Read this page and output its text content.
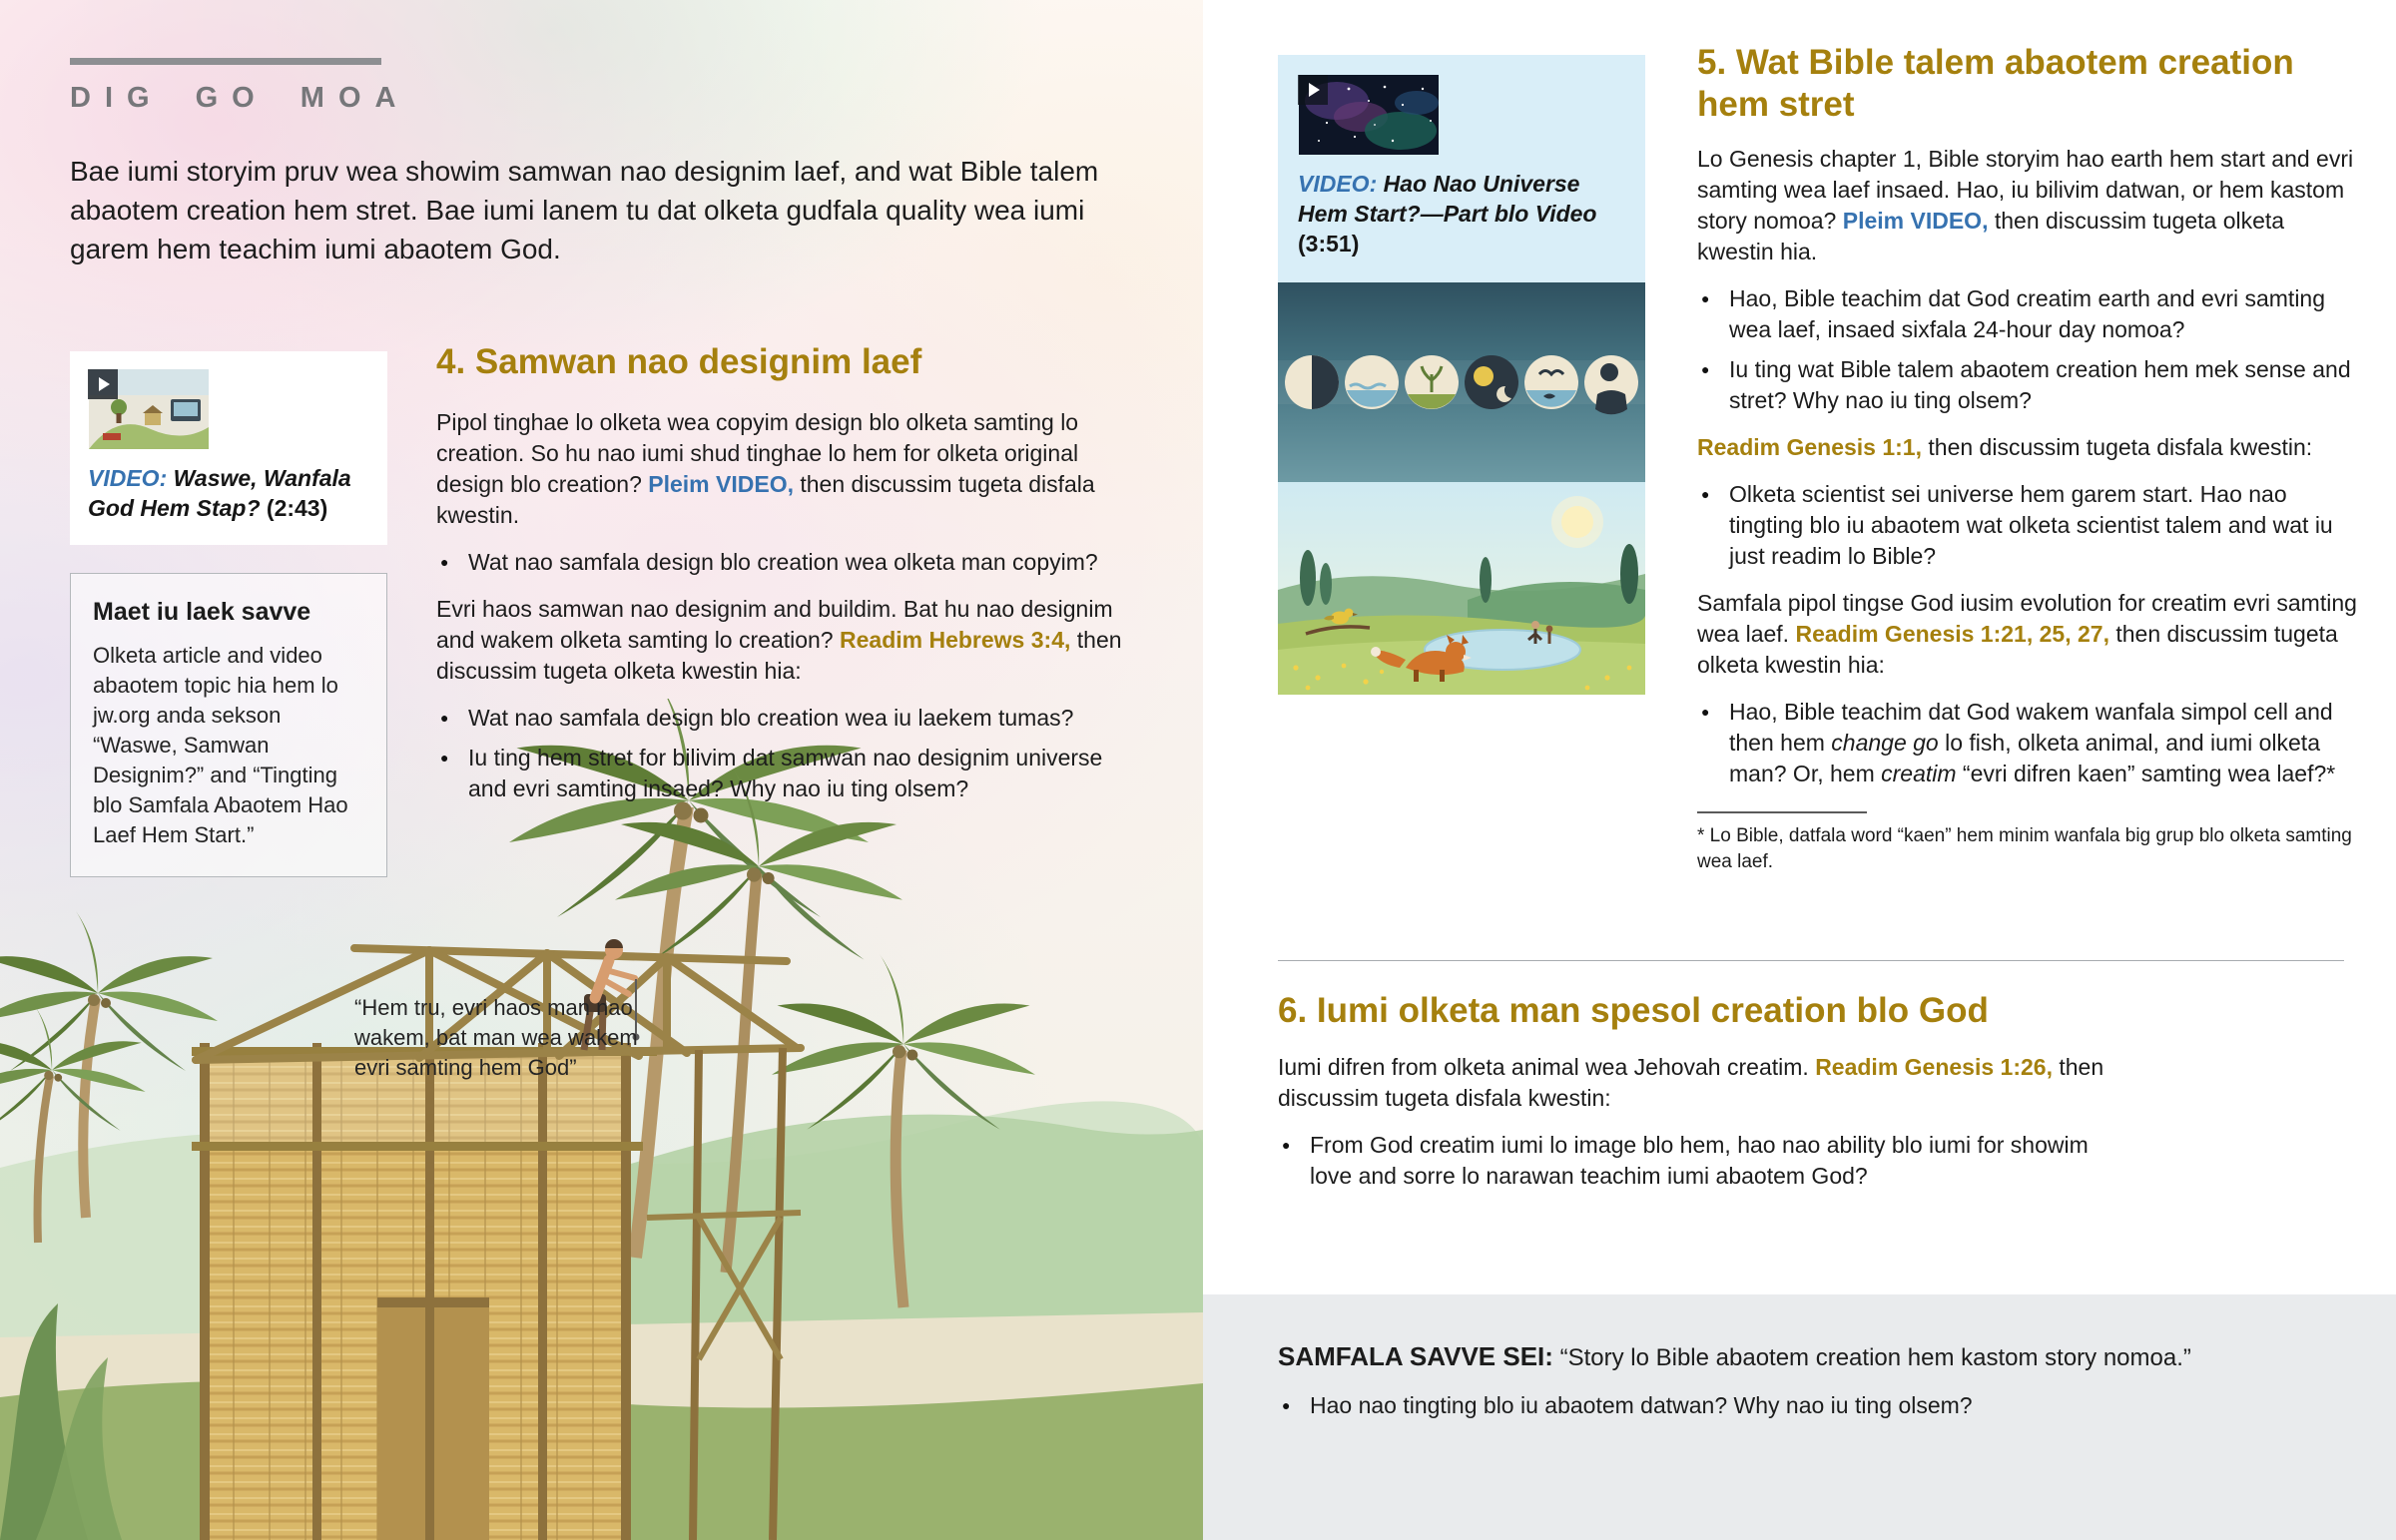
DIG GO MOA

Bae iumi storyim pruv wea showim samwan nao designim laef, and wat Bible talem abaotem creation hem stret. Bae iumi lanem tu dat olketa gudfala quality wea iumi garem hem teachim iumi abaotem God.

VIDEO: Waswe, Wanfala God Hem Stap? (2:43)

Maet iu laek savve

Olketa article and video abaotem topic hia hem lo jw.org anda sekson “Waswe, Samwan Designim?” and “Tingting blo Samfala Abaotem Hao Laef Hem Start.”

4. Samwan nao designim laef

Pipol tinghae lo olketa wea copyim design blo olketa samting lo creation. So hu nao iumi shud tinghae lo hem for olketa original design blo creation? Pleim VIDEO, then discussim tugeta disfala kwestin.

● Wat nao samfala design blo creation wea olketa man copyim?

Evri haos samwan nao designim and buildim. Bat hu nao designim and wakem olketa samting lo creation? Readim Hebrews 3:4, then discussim tugeta olketa kwestin hia:

● Wat nao samfala design blo creation wea iu laekem tumas?
● Iu ting hem stret for bilivim dat samwan nao designim universe and evri samting insaed? Why nao iu ting olsem?
“Hem tru, evri haos man nao wakem, bat man wea wakem evri samting hem God”

VIDEO: Hao Nao Universe Hem Start?—Part blo Video (3:51)

5. Wat Bible talem abaotem creation hem stret

Lo Genesis chapter 1, Bible storyim hao earth hem start and evri samting wea laef insaed. Hao, iu bilivim datwan, or hem kastom story nomoa? Pleim VIDEO, then discussim tugeta olketa kwestin hia.

● Hao, Bible teachim dat God creatim earth and evri samting wea laef, insaed sixfala 24-hour day nomoa?
● Iu ting wat Bible talem abaotem creation hem mek sense and stret? Why nao iu ting olsem?

Readim Genesis 1:1, then discussim tugeta disfala kwestin:

● Olketa scientist sei universe hem garem start. Hao nao tingting blo iu abaotem wat olketa scientist talem and wat iu just readim lo Bible?

Samfala pipol tingse God iusim evolution for creatim evri samting wea laef. Readim Genesis 1:21, 25, 27, then discussim tugeta olketa kwestin hia:

● Hao, Bible teachim dat God wakem wanfala simpol cell and then hem change go lo fish, olketa animal, and iumi olketa man? Or, hem creatim “evri difren kaen” samting wea laef?*

* Lo Bible, datfala word “kaen” hem minim wanfala big grup blo olketa samting wea laef.

6. Iumi olketa man spesol creation blo God

Iumi difren from olketa animal wea Jehovah creatim. Readim Genesis 1:26, then discussim tugeta disfala kwestin:

● From God creatim iumi lo image blo hem, hao nao ability blo iumi for showim love and sorre lo narawan teachim iumi abaotem God?

SAMFALA SAVVE SEI: “Story lo Bible abaotem creation hem kastom story nomoa.”

● Hao nao tingting blo iu abaotem datwan? Why nao iu ting olsem?
